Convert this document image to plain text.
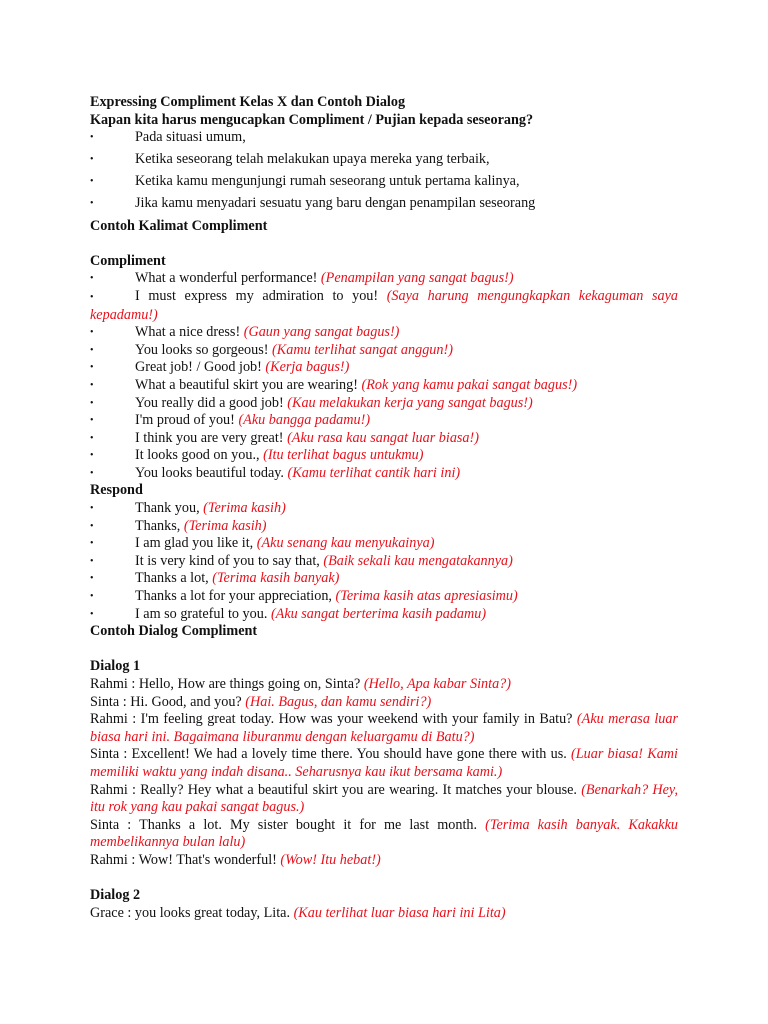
Expressing Compliment Kelas X dan Contoh Dialog
Kapan kita harus mengucapkan Compliment / Pujian kepada seseorang?
•	Pada situasi umum,
•	Ketika seseorang telah melakukan upaya mereka yang terbaik,
•	Ketika kamu mengunjungi rumah seseorang untuk pertama kalinya,
•	Jika kamu menyadari sesuatu yang baru dengan penampilan seseorang
Contoh Kalimat Compliment
Compliment
•	What a wonderful performance! (Penampilan yang sangat bagus!)
•	I must express my admiration to you! (Saya harung mengungkapkan kekaguman saya kepadamu!)
•	What a nice dress! (Gaun yang sangat bagus!)
•	You looks so gorgeous! (Kamu terlihat sangat anggun!)
•	Great job! / Good job! (Kerja bagus!)
•	What a beautiful skirt you are wearing! (Rok yang kamu pakai sangat bagus!)
•	You really did a good job! (Kau melakukan kerja yang sangat bagus!)
•	I'm proud of you! (Aku bangga padamu!)
•	I think you are very great! (Aku rasa kau sangat luar biasa!)
•	It looks good on you., (Itu terlihat bagus untukmu)
•	You looks beautiful today. (Kamu terlihat cantik hari ini)
Respond
•	Thank you, (Terima kasih)
•	Thanks, (Terima kasih)
•	I am glad you like it, (Aku senang kau menyukainya)
•	It is very kind of you to say that, (Baik sekali kau mengatakannya)
•	Thanks a lot, (Terima kasih banyak)
•	Thanks a lot for your appreciation, (Terima kasih atas apresiasimu)
•	I am so grateful to you. (Aku sangat berterima kasih padamu)
Contoh Dialog Compliment
Dialog 1
Rahmi : Hello, How are things going on, Sinta? (Hello, Apa kabar Sinta?)
Sinta : Hi. Good, and you? (Hai. Bagus, dan kamu sendiri?)
Rahmi : I'm feeling great today. How was your weekend with your family in Batu? (Aku merasa luar biasa hari ini. Bagaimana liburanmu dengan keluargamu di Batu?)
Sinta : Excellent! We had a lovely time there. You should have gone there with us. (Luar biasa! Kami memiliki waktu yang indah disana.. Seharusnya kau ikut bersama kami.)
Rahmi : Really? Hey what a beautiful skirt you are wearing. It matches your blouse. (Benarkah? Hey, itu rok yang kau pakai sangat bagus.)
Sinta : Thanks a lot. My sister bought it for me last month. (Terima kasih banyak. Kakakku membelikannya bulan lalu)
Rahmi : Wow! That's wonderful! (Wow! Itu hebat!)
Dialog 2
Grace : you looks great today, Lita. (Kau terlihat luar biasa hari ini Lita)
